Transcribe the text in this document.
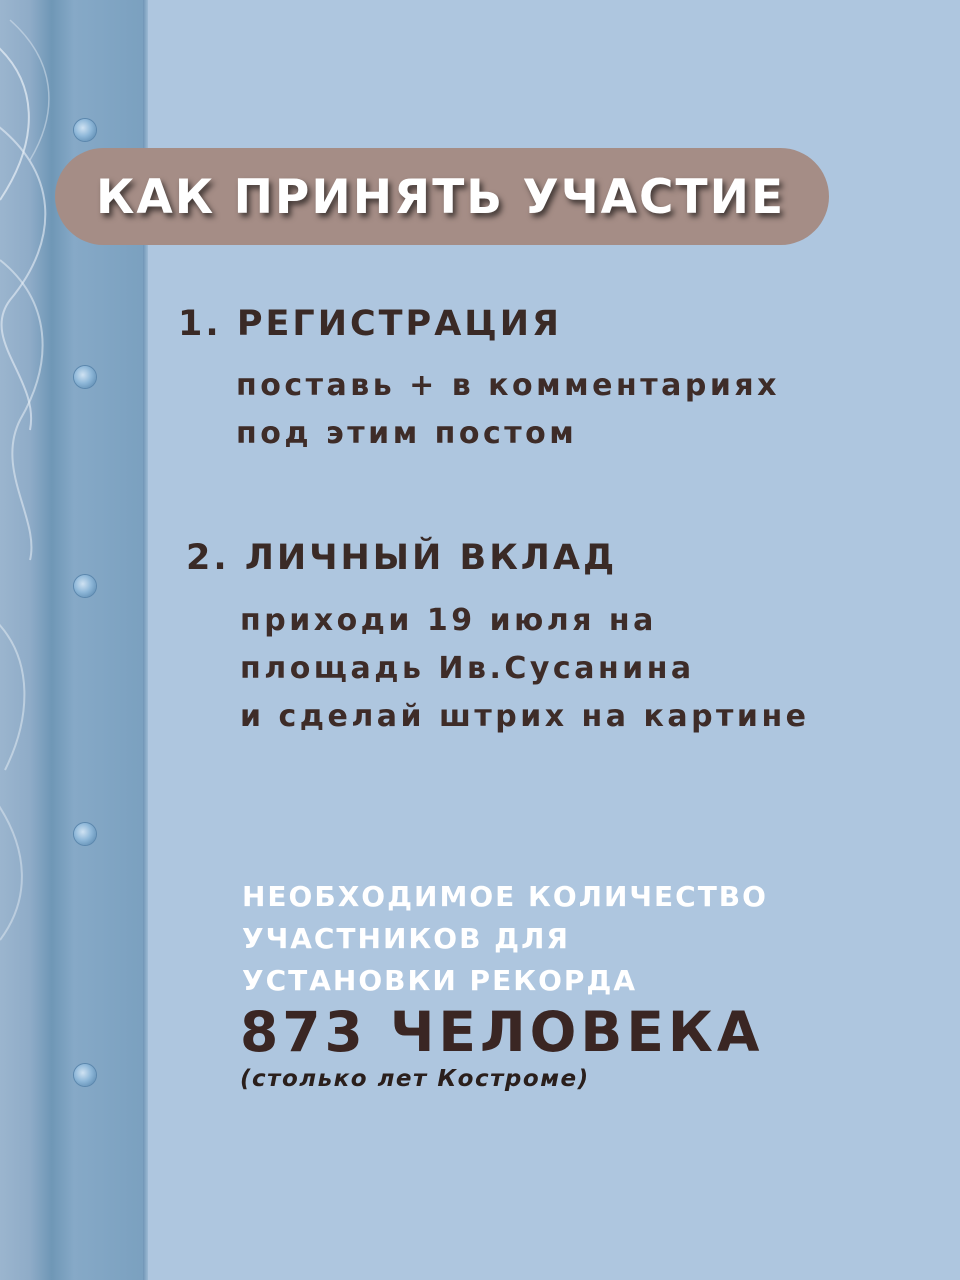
КАК ПРИНЯТЬ УЧАСТИЕ
1. РЕГИСТРАЦИЯ
поставь + в комментариях
под этим постом
2. ЛИЧНЫЙ ВКЛАД
приходи 19 июля на
площадь Ив.Сусанина
и сделай штрих на картине
НЕОБХОДИМОЕ КОЛИЧЕСТВО
УЧАСТНИКОВ ДЛЯ
УСТАНОВКИ РЕКОРДА
873 ЧЕЛОВЕКА
(столько лет Костроме)
